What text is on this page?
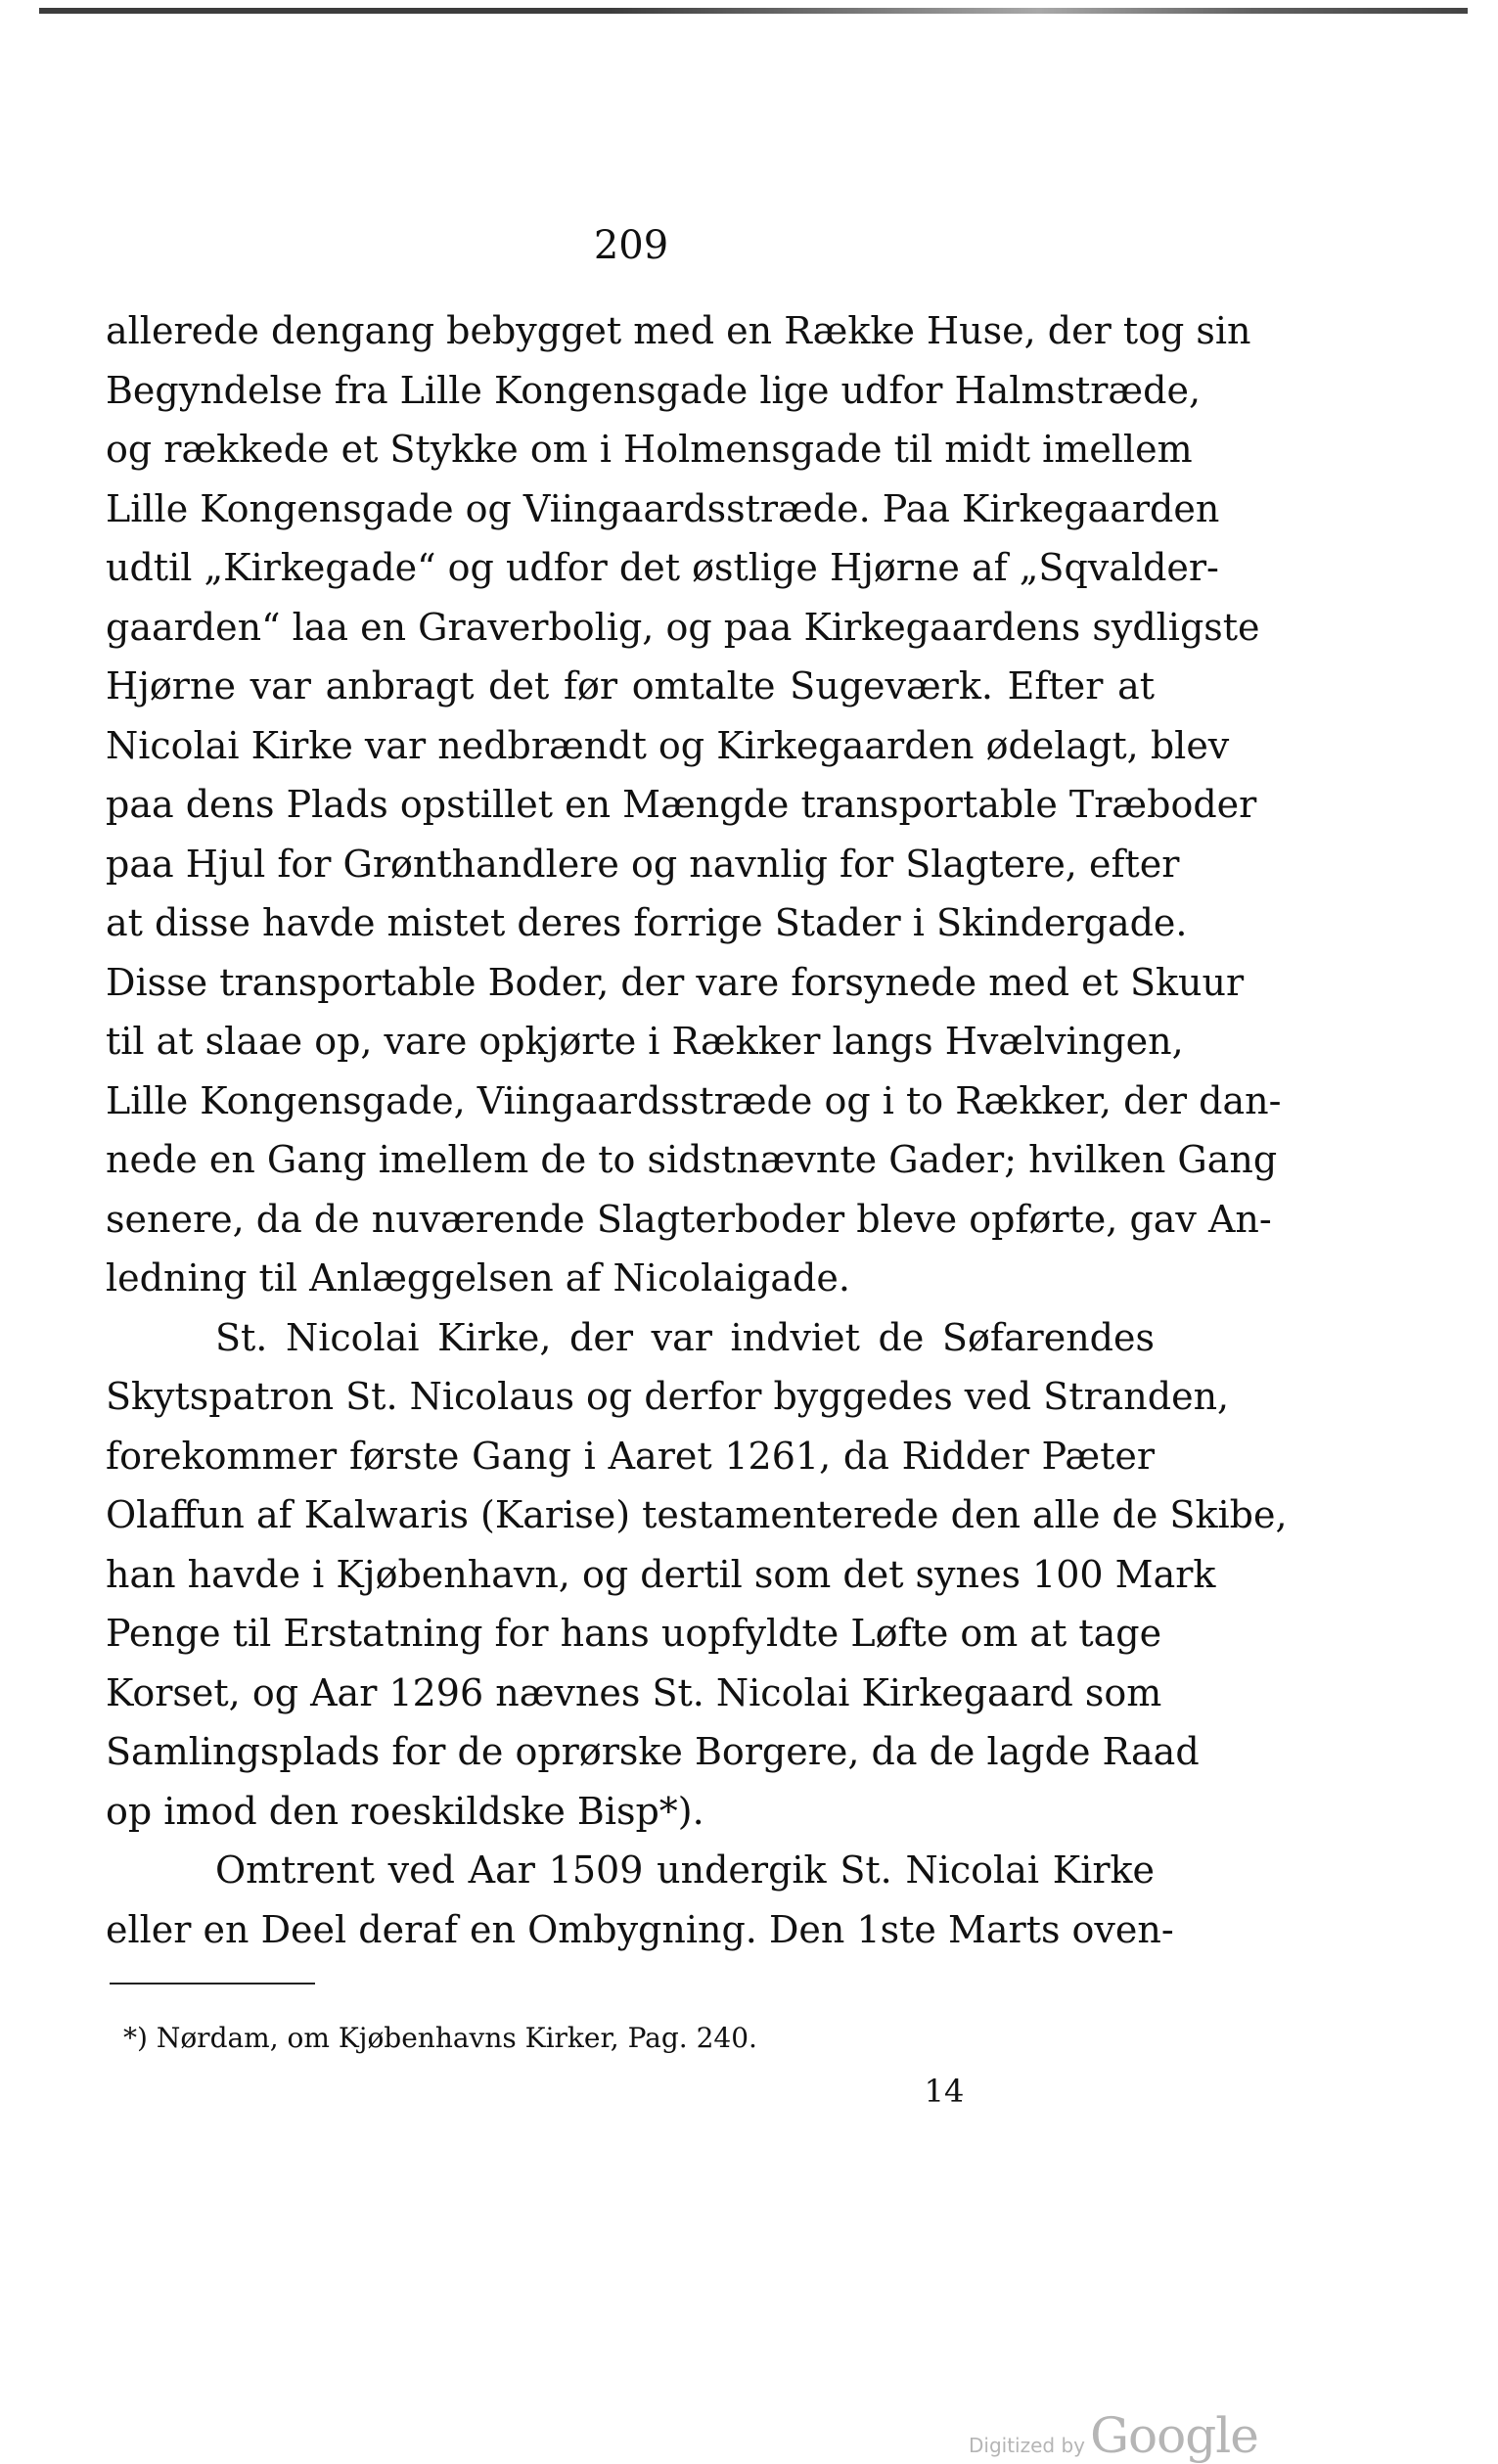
209
allerede dengang bebygget med en Række Huse, der tog sin
Begyndelse fra Lille Kongensgade lige udfor Halmstræde,
og rækkede et Stykke om i Holmensgade til midt imellem
Lille Kongensgade og Viingaardsstræde. Paa Kirkegaarden
udtil „Kirkegade“ og udfor det østlige Hjørne af „Sqvalder-
gaarden“ laa en Graverbolig, og paa Kirkegaardens sydligste
Hjørne var anbragt det før omtalte Sugeværk. Efter at
Nicolai Kirke var nedbrændt og Kirkegaarden ødelagt, blev
paa dens Plads opstillet en Mængde transportable Træboder
paa Hjul for Grønthandlere og navnlig for Slagtere, efter
at disse havde mistet deres forrige Stader i Skindergade.
Disse transportable Boder, der vare forsynede med et Skuur
til at slaae op, vare opkjørte i Rækker langs Hvælvingen,
Lille Kongensgade, Viingaardsstræde og i to Rækker, der dan-
nede en Gang imellem de to sidstnævnte Gader; hvilken Gang
senere, da de nuværende Slagterboder bleve opførte, gav An-
ledning til Anlæggelsen af Nicolaigade.
St. Nicolai Kirke, der var indviet de Søfarendes
Skytspatron St. Nicolaus og derfor byggedes ved Stranden,
forekommer første Gang i Aaret 1261, da Ridder Pæter
Olaffun af Kalwaris (Karise) testamenterede den alle de Skibe,
han havde i Kjøbenhavn, og dertil som det synes 100 Mark
Penge til Erstatning for hans uopfyldte Løfte om at tage
Korset, og Aar 1296 nævnes St. Nicolai Kirkegaard som
Samlingsplads for de oprørske Borgere, da de lagde Raad
op imod den roeskildske Bisp*).
Omtrent ved Aar 1509 undergik St. Nicolai Kirke
eller en Deel deraf en Ombygning. Den 1ste Marts oven-
*) Nørdam, om Kjøbenhavns Kirker, Pag. 240.
14
Digitized by Google
